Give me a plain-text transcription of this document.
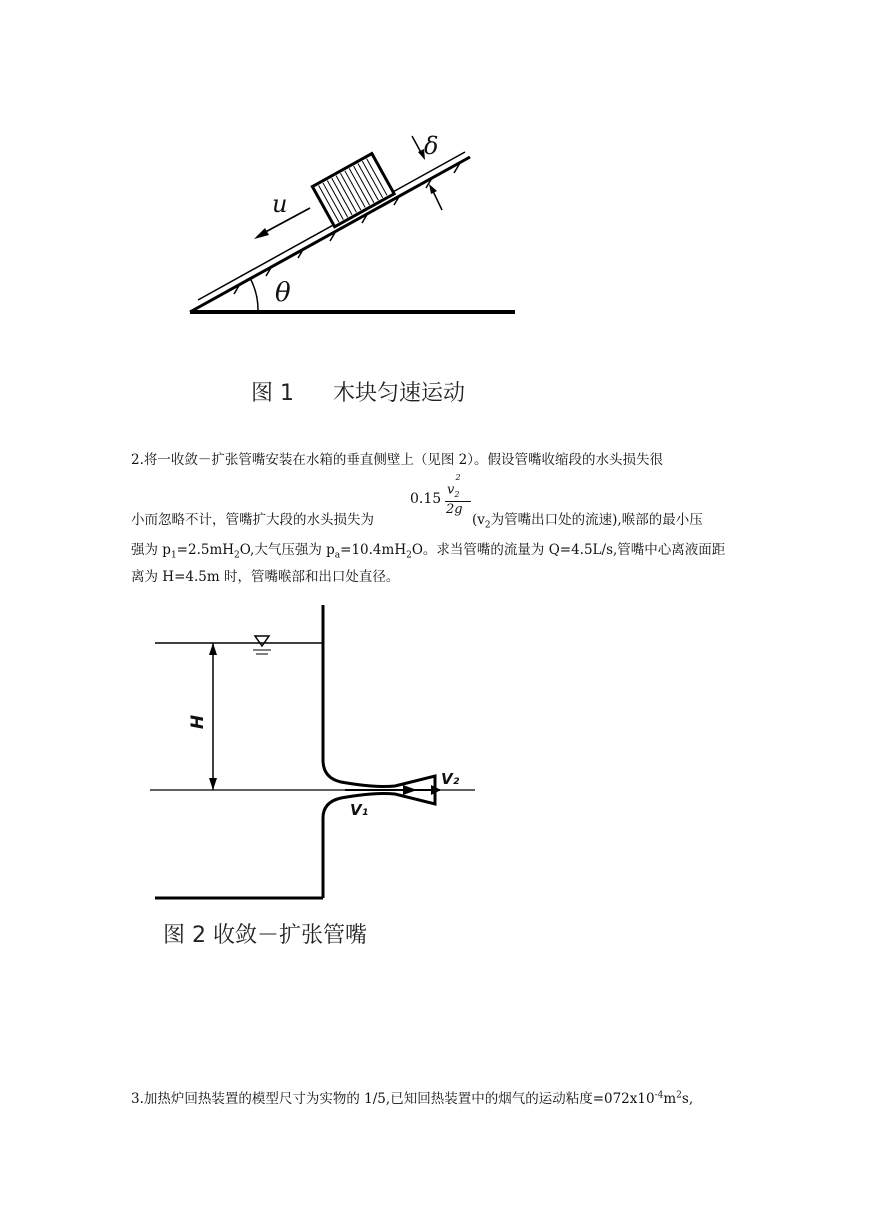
u
δ
θ
图 1 木块匀速运动
2.将一收敛－扩张管嘴安装在水箱的垂直侧壁上（见图 2）。假设管嘴收缩段的水头损失很
小而忽略不计，管嘴扩大段的水头损失为
0.15
$v_2^2$
2g
($v_2$为管嘴出口处的流速),喉部的最小压
强为 $p_1=2.5mH_2O$,大气压强为 $p_a=10.4mH_2O$。求当管嘴的流量为 Q=4.5L/s,管嘴中心离液面距
离为 H=4.5m 时，管嘴喉部和出口处直径。
H
V₁
V₂
图 2 收敛－扩张管嘴
3.加热炉回热装置的模型尺寸为实物的 1/5,已知回热装置中的烟气的运动粘度$=072x10^{-4}m^2s$,
